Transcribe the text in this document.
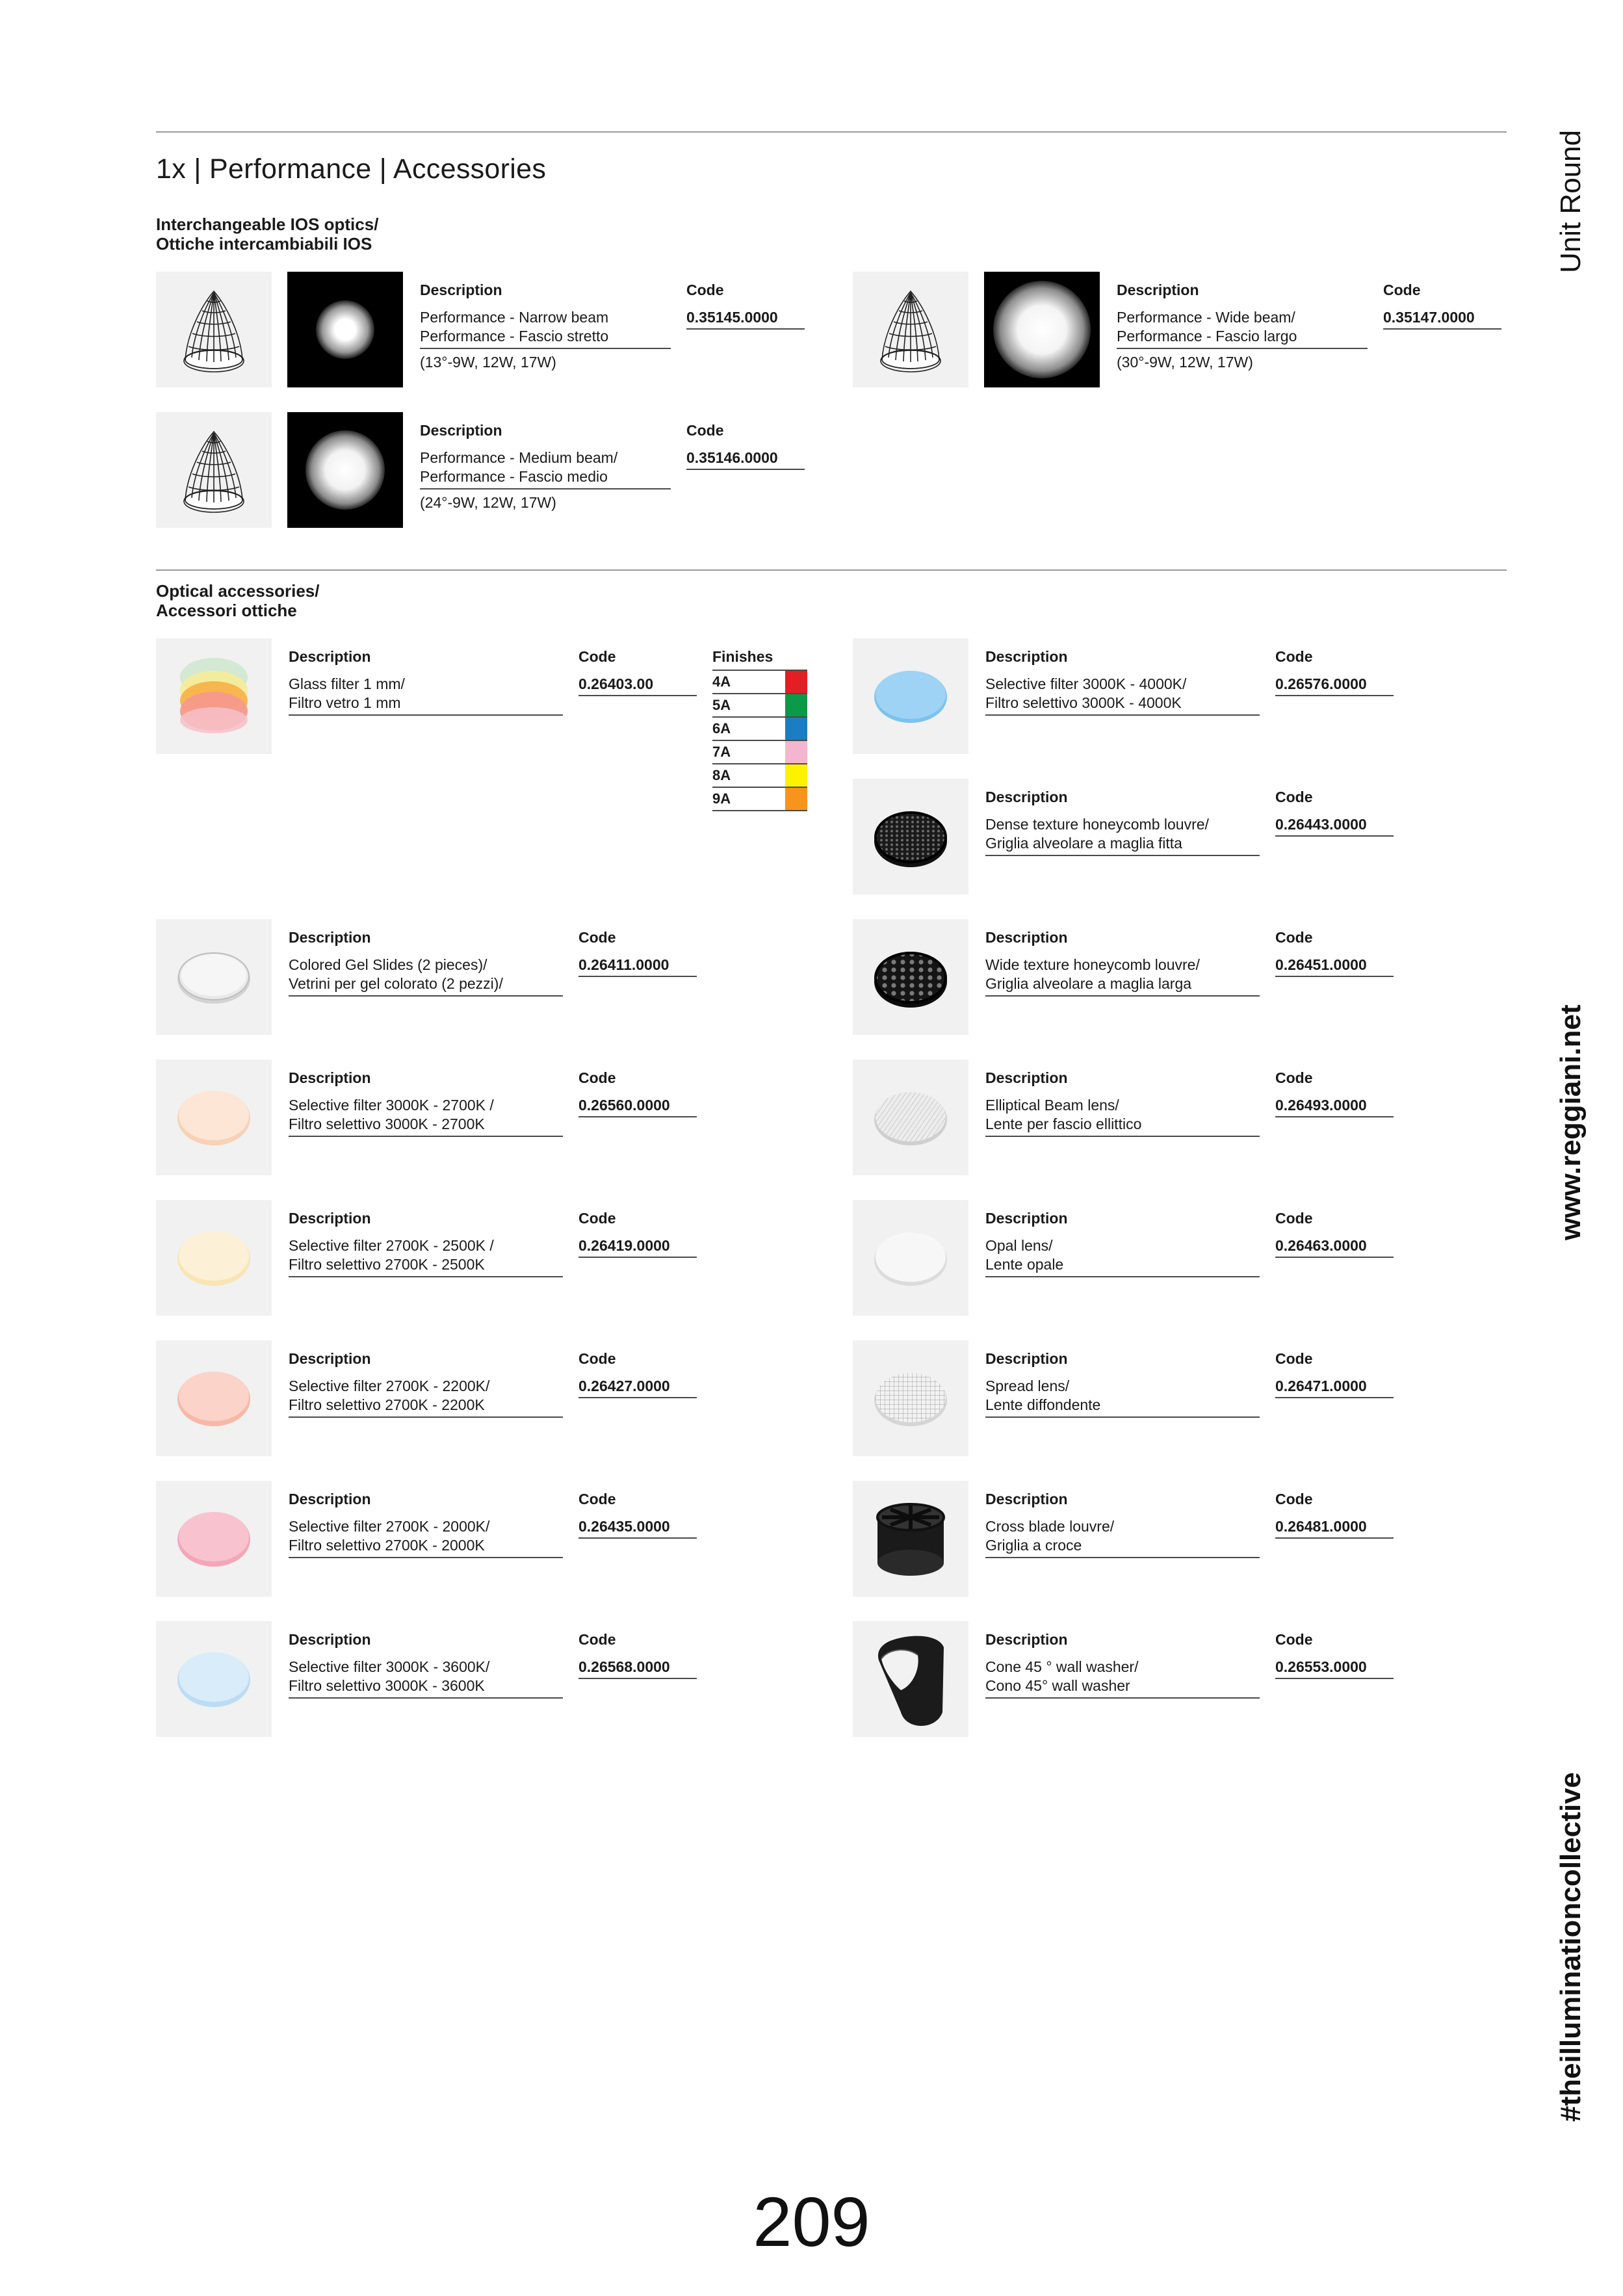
1x | Performance | Accessories
Interchangeable IOS optics/
Ottiche intercambiabili IOS
Description
Performance - Narrow beam
Performance - Fascio stretto
(13°-9W, 12W, 17W)
Code
0.35145.0000
Description
Performance - Wide beam/
Performance - Fascio largo
(30°-9W, 12W, 17W)
Code
0.35147.0000
Description
Performance - Medium beam/
Performance - Fascio medio
(24°-9W, 12W, 17W)
Code
0.35146.0000
Optical accessories/
Accessori ottiche
Description
Glass filter 1 mm/
Filtro vetro 1 mm
Code
0.26403.00
Finishes
4A
5A
6A
7A
8A
9A
Description
Colored Gel Slides (2 pieces)/
Vetrini per gel colorato (2 pezzi)/
Code
0.26411.0000
Description
Selective filter 3000K - 2700K /
Filtro selettivo 3000K - 2700K
Code
0.26560.0000
Description
Selective filter 2700K - 2500K /
Filtro selettivo 2700K - 2500K
Code
0.26419.0000
Description
Selective filter 2700K - 2200K/
Filtro selettivo 2700K - 2200K
Code
0.26427.0000
Description
Selective filter 2700K - 2000K/
Filtro selettivo 2700K - 2000K
Code
0.26435.0000
Description
Selective filter 3000K - 3600K/
Filtro selettivo 3000K - 3600K
Code
0.26568.0000
Description
Selective filter 3000K - 4000K/
Filtro selettivo 3000K - 4000K
Code
0.26576.0000
Description
Dense texture honeycomb louvre/
Griglia alveolare a maglia fitta
Code
0.26443.0000
Description
Wide texture honeycomb louvre/
Griglia alveolare a maglia larga
Code
0.26451.0000
Description
Elliptical Beam lens/
Lente per fascio ellittico
Code
0.26493.0000
Description
Opal lens/
Lente opale
Code
0.26463.0000
Description
Spread lens/
Lente diffondente
Code
0.26471.0000
Description
Cross blade louvre/
Griglia a croce
Code
0.26481.0000
Description
Cone 45 ° wall washer/
Cono 45° wall washer
Code
0.26553.0000
Unit Round
www.reggiani.net
#theilluminationcollective
209
